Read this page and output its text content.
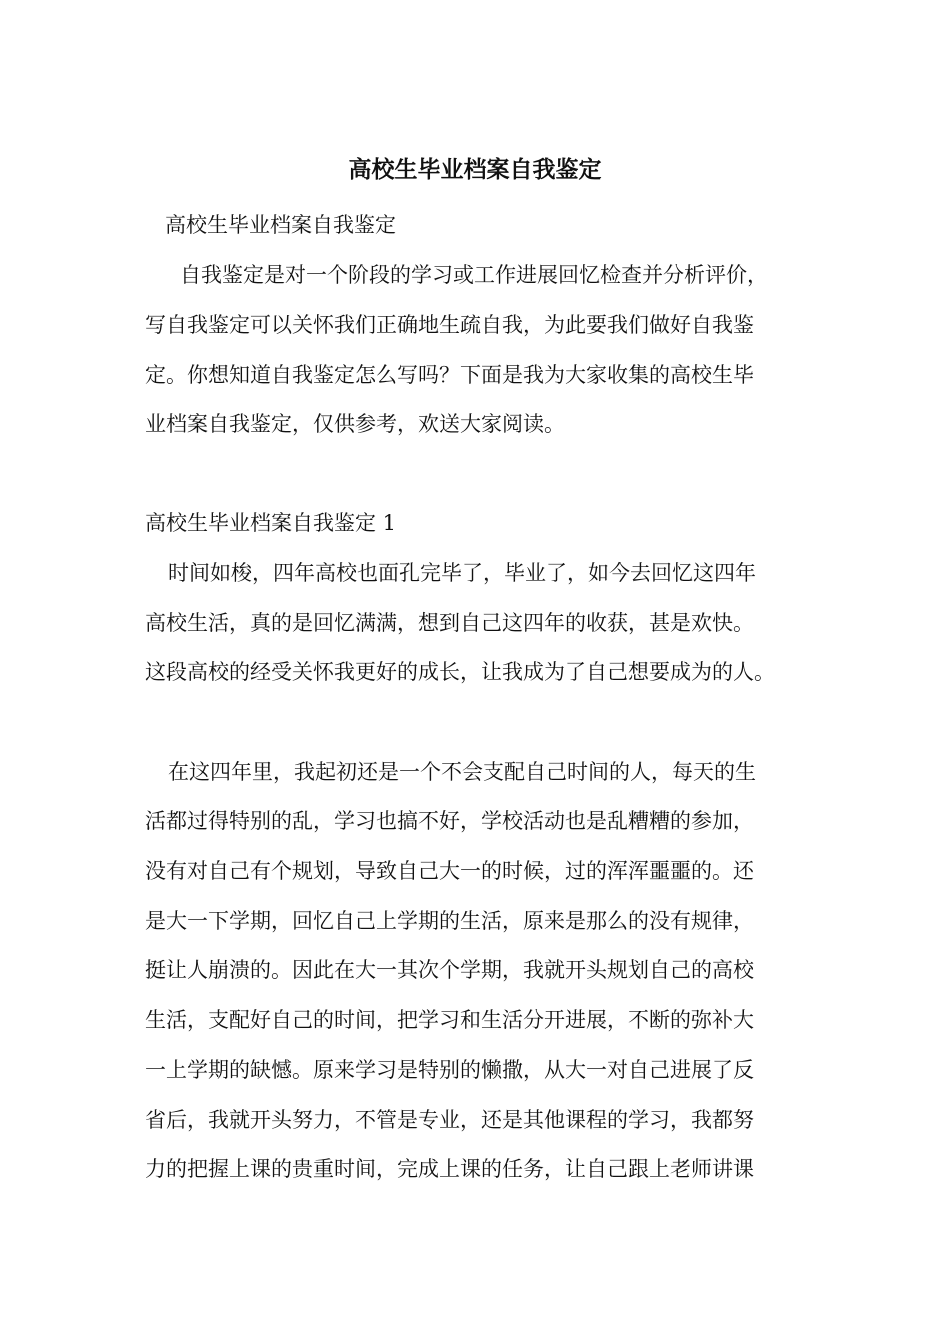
高校生毕业档案自我鉴定
高校生毕业档案自我鉴定
自我鉴定是对一个阶段的学习或工作进展回忆检查并分析评价，
写自我鉴定可以关怀我们正确地生疏自我，为此要我们做好自我鉴
定。你想知道自我鉴定怎么写吗？下面是我为大家收集的高校生毕
业档案自我鉴定，仅供参考，欢送大家阅读。
高校生毕业档案自我鉴定 1
时间如梭，四年高校也面孔完毕了，毕业了，如今去回忆这四年
高校生活，真的是回忆满满，想到自己这四年的收获，甚是欢快。
这段高校的经受关怀我更好的成长，让我成为了自己想要成为的人。
在这四年里，我起初还是一个不会支配自己时间的人，每天的生
活都过得特别的乱，学习也搞不好，学校活动也是乱糟糟的参加，
没有对自己有个规划，导致自己大一的时候，过的浑浑噩噩的。还
是大一下学期，回忆自己上学期的生活，原来是那么的没有规律，
挺让人崩溃的。因此在大一其次个学期，我就开头规划自己的高校
生活，支配好自己的时间，把学习和生活分开进展，不断的弥补大
一上学期的缺憾。原来学习是特别的懒撒，从大一对自己进展了反
省后，我就开头努力，不管是专业，还是其他课程的学习，我都努
力的把握上课的贵重时间，完成上课的任务，让自己跟上老师讲课
